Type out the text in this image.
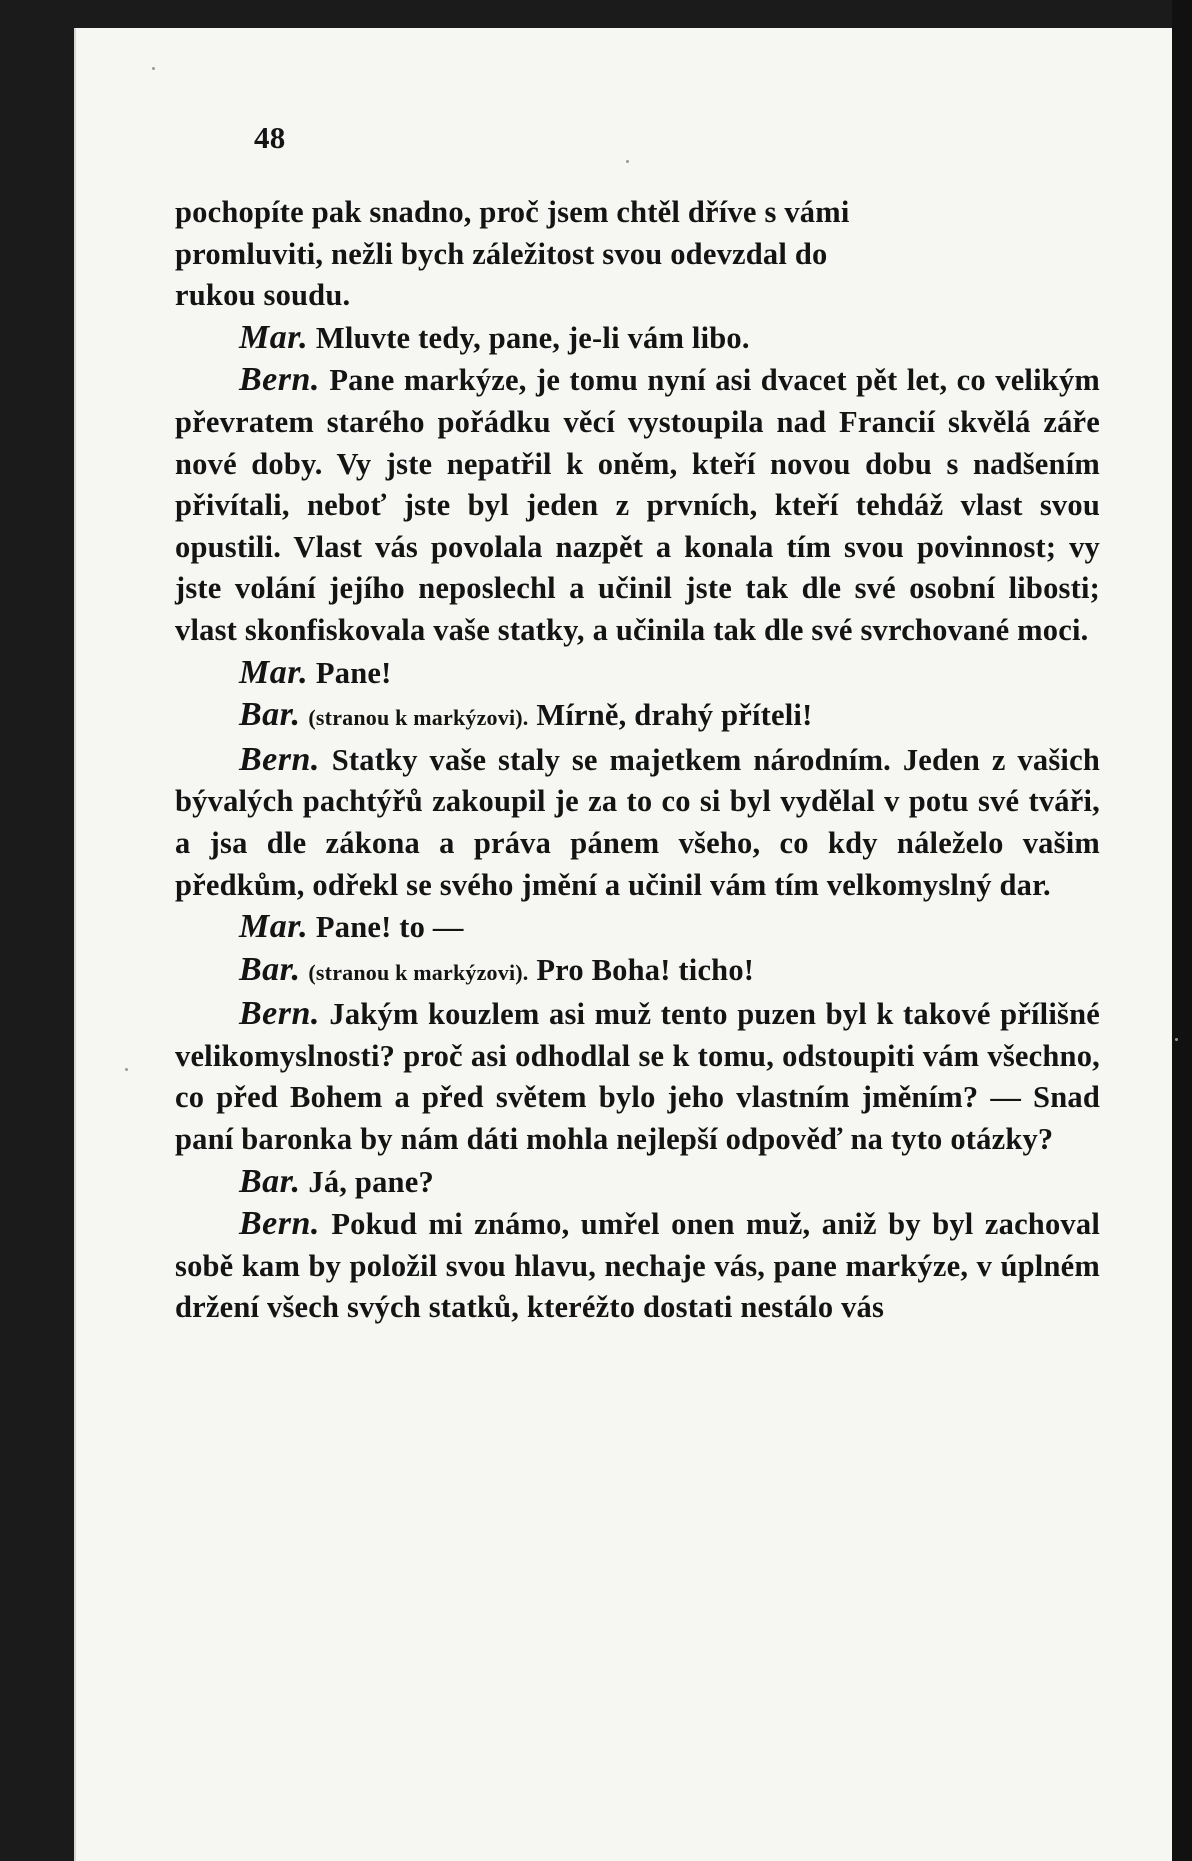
48
pochopíte pak snadno, proč jsem chtěl dříve s vámi
promluviti, nežli bych záležitost svou odevzdal do
rukou soudu.
Mar. Mluvte tedy, pane, je-li vám libo.
Bern. Pane markýze, je tomu nyní asi dvacet pět let, co velikým převratem starého pořádku věcí vystoupila nad Francií skvělá záře nové doby. Vy jste nepatřil k oněm, kteří novou dobu s nadšením přivítali, neboť jste byl jeden z prvních, kteří tehdáž vlast svou opustili. Vlast vás povolala nazpět a konala tím svou povinnost; vy jste volání jejího neposlechl a učinil jste tak dle své osobní libosti; vlast skonfiskovala vaše statky, a učinila tak dle své svrchované moci.
Mar. Pane!
Bar. (stranou k markýzovi). Mírně, drahý příteli!
Bern. Statky vaše staly se majetkem národním. Jeden z vašich bývalých pachtýřů zakoupil je za to co si byl vydělal v potu své tváři, a jsa dle zákona a práva pánem všeho, co kdy náleželo vašim předkům, odřekl se svého jmění a učinil vám tím velkomyslný dar.
Mar. Pane! to —
Bar. (stranou k markýzovi). Pro Boha! ticho!
Bern. Jakým kouzlem asi muž tento puzen byl k takové přílišné velikomyslnosti? proč asi odhodlal se k tomu, odstoupiti vám všechno, co před Bohem a před světem bylo jeho vlastním jměním? — Snad paní baronka by nám dáti mohla nejlepší odpověď na tyto otázky?
Bar. Já, pane?
Bern. Pokud mi známo, umřel onen muž, aniž by byl zachoval sobě kam by položil svou hlavu, nechaje vás, pane markýze, v úplném držení všech svých statků, kteréžto dostati nestálo vás
